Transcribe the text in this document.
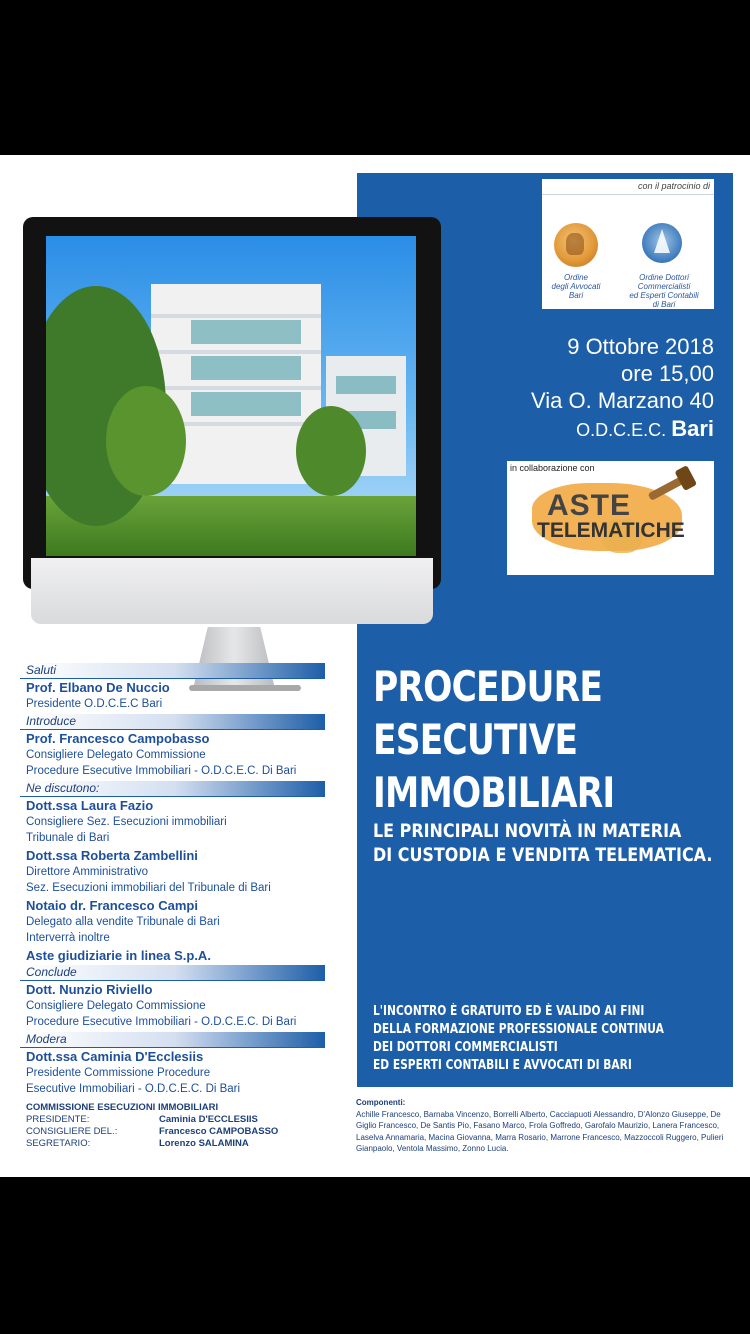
con il patrocinio di
Ordine
degli Avvocati
Bari
Ordine Dottori
Commercialisti
ed Esperti Contabili
di Bari
9 Ottobre 2018
ore 15,00
Via O. Marzano 40
O.D.C.E.C. Bari
in collaborazione con
ASTE
TELEMATICHE
PROCEDURE
ESECUTIVE
IMMOBILIARI
LE PRINCIPALI NOVITÀ IN MATERIA
DI CUSTODIA E VENDITA TELEMATICA.
L'INCONTRO È GRATUITO ED È VALIDO AI FINI
DELLA FORMAZIONE PROFESSIONALE CONTINUA
DEI DOTTORI COMMERCIALISTI
ED ESPERTI CONTABILI E AVVOCATI DI BARI
Saluti
Prof. Elbano De Nuccio
Presidente O.D.C.E.C Bari
Introduce
Prof. Francesco Campobasso
Consigliere Delegato Commissione
Procedure Esecutive Immobiliari - O.D.C.E.C. Di Bari
Ne discutono:
Dott.ssa Laura Fazio
Consigliere Sez. Esecuzioni immobiliari
Tribunale di Bari
Dott.ssa Roberta Zambellini
Direttore Amministrativo
Sez. Esecuzioni immobiliari del Tribunale di Bari
Notaio dr. Francesco Campi
Delegato alla vendite Tribunale di Bari
Interverrà inoltre
Aste giudiziarie in linea S.p.A.
Conclude
Dott. Nunzio Riviello
Consigliere Delegato Commissione
Procedure Esecutive Immobiliari - O.D.C.E.C. Di Bari
Modera
Dott.ssa Caminia D'Ecclesiis
Presidente Commissione Procedure
Esecutive Immobiliari - O.D.C.E.C. Di Bari
COMMISSIONE ESECUZIONI IMMOBILIARI
PRESIDENTE:	Caminia D'ECCLESIIS
CONSIGLIERE DEL.:	Francesco CAMPOBASSO
SEGRETARIO:	Lorenzo SALAMINA
Componenti:
Achille Francesco, Barnaba Vincenzo, Borrelli Alberto, Cacciapuoti Alessandro, D'Alonzo Giuseppe, De Giglio Francesco, De Santis Pio, Fasano Marco, Frola Goffredo, Garofalo Maurizio, Lanera Francesco, Laselva Annamaria, Macina Giovanna, Marra Rosario, Marrone Francesco, Mazzoccoli Ruggero, Pulieri Gianpaolo, Ventola Massimo, Zonno Lucia.
